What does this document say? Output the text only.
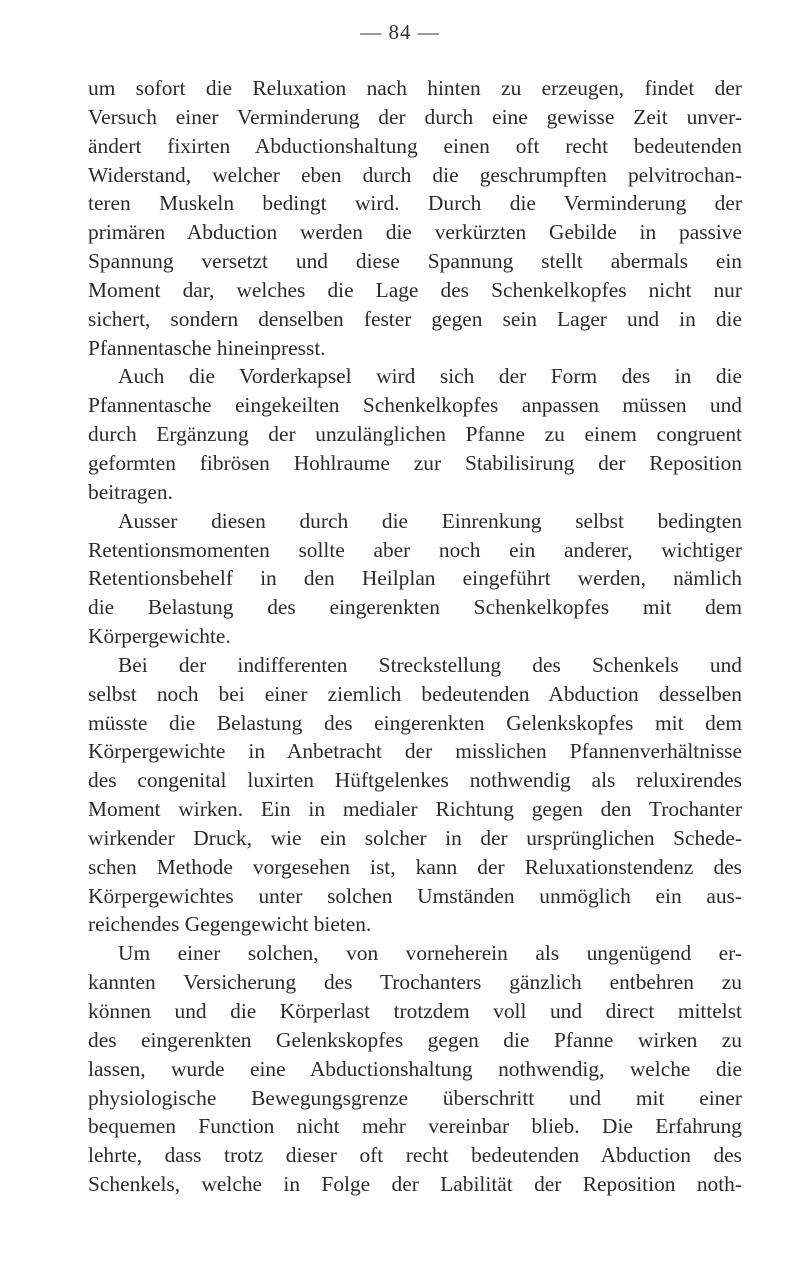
— 84 —
um sofort die Reluxation nach hinten zu erzeugen, findet der
Versuch einer Verminderung der durch eine gewisse Zeit unver-
ändert fixirten Abductionshaltung einen oft recht bedeutenden
Widerstand, welcher eben durch die geschrumpften pelvitrochan-
teren Muskeln bedingt wird. Durch die Verminderung der
primären Abduction werden die verkürzten Gebilde in passive
Spannung versetzt und diese Spannung stellt abermals ein
Moment dar, welches die Lage des Schenkelkopfes nicht nur
sichert, sondern denselben fester gegen sein Lager und in die
Pfannentasche hineinpresst.
Auch die Vorderkapsel wird sich der Form des in die
Pfannentasche eingekeilten Schenkelkopfes anpassen müssen und
durch Ergänzung der unzulänglichen Pfanne zu einem congruent
geformten fibrösen Hohlraume zur Stabilisirung der Reposition
beitragen.
Ausser diesen durch die Einrenkung selbst bedingten
Retentionsmomenten sollte aber noch ein anderer, wichtiger
Retentionsbehelf in den Heilplan eingeführt werden, nämlich
die Belastung des eingerenkten Schenkelkopfes mit dem
Körpergewichte.
Bei der indifferenten Streckstellung des Schenkels und
selbst noch bei einer ziemlich bedeutenden Abduction desselben
müsste die Belastung des eingerenkten Gelenkskopfes mit dem
Körpergewichte in Anbetracht der misslichen Pfannenverhältnisse
des congenital luxirten Hüftgelenkes nothwendig als reluxirendes
Moment wirken. Ein in medialer Richtung gegen den Trochanter
wirkender Druck, wie ein solcher in der ursprünglichen Schede-
schen Methode vorgesehen ist, kann der Reluxationstendenz des
Körpergewichtes unter solchen Umständen unmöglich ein aus-
reichendes Gegengewicht bieten.
Um einer solchen, von vorneherein als ungenügend er-
kannten Versicherung des Trochanters gänzlich entbehren zu
können und die Körperlast trotzdem voll und direct mittelst
des eingerenkten Gelenkskopfes gegen die Pfanne wirken zu
lassen, wurde eine Abductionshaltung nothwendig, welche die
physiologische Bewegungsgrenze überschritt und mit einer
bequemen Function nicht mehr vereinbar blieb. Die Erfahrung
lehrte, dass trotz dieser oft recht bedeutenden Abduction des
Schenkels, welche in Folge der Labilität der Reposition noth-
